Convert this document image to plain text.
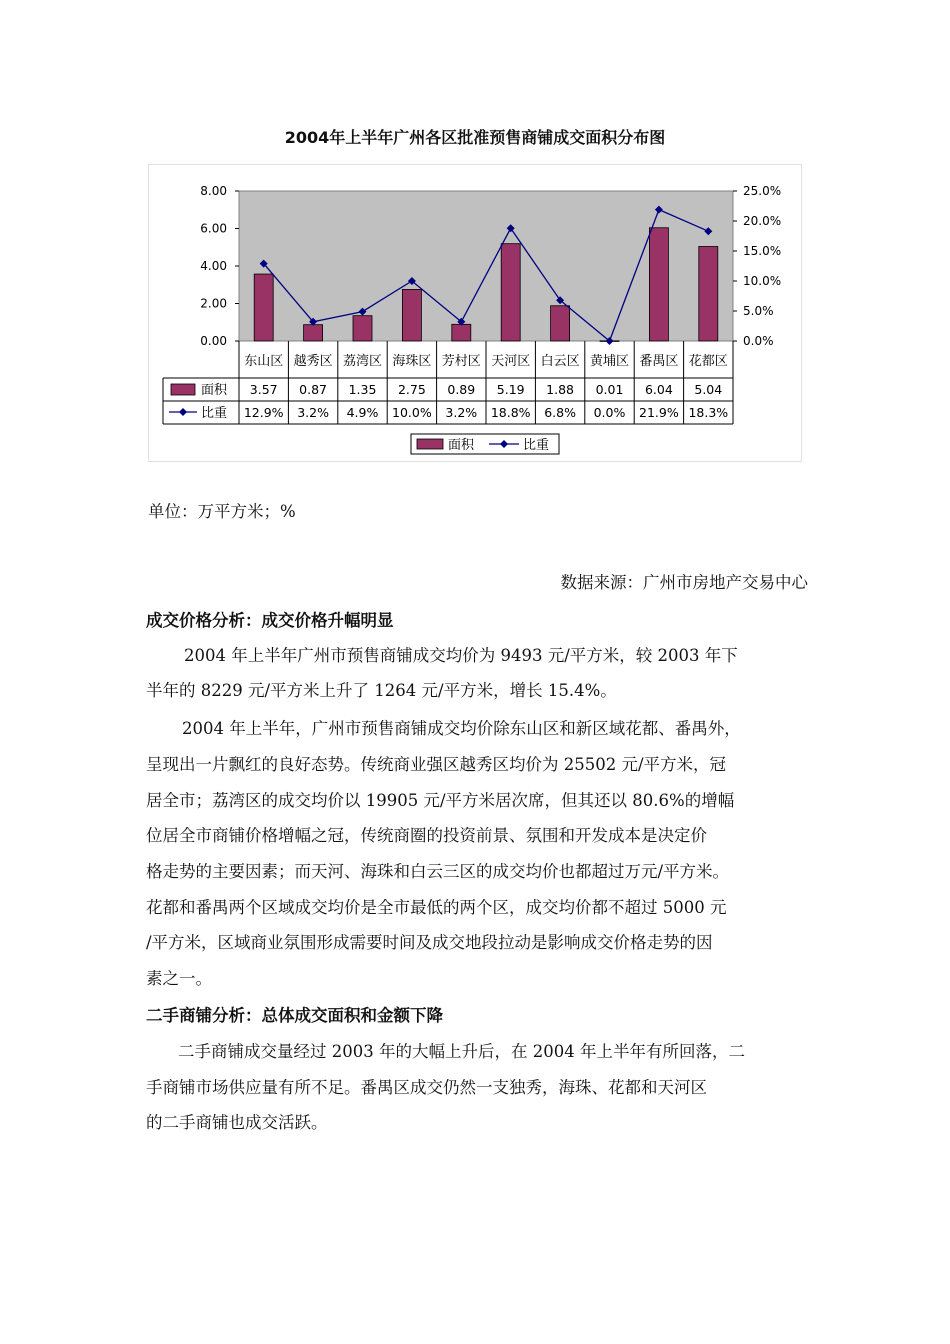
2004年上半年广州各区批准预售商铺成交面积分布图
0.00
2.00
4.00
6.00
8.00
0.0%
5.0%
10.0%
15.0%
20.0%
25.0%
东山区 越秀区 荔湾区 海珠区 芳村区 天河区 白云区 黄埔区 番禺区 花都区
3.57 0.87 1.35 2.75 0.89 5.19 1.88 0.01 6.04 5.04
12.9% 3.2% 4.9% 10.0% 3.2% 18.8% 6.8% 0.0% 21.9% 18.3%
面积
比重
面积	比重
单位：万平方米；%
数据来源：广州市房地产交易中心
成交价格分析：成交价格升幅明显
2004 年上半年广州市预售商铺成交均价为 9493 元/平方米，较 2003 年下
半年的 8229 元/平方米上升了 1264 元/平方米，增长 15.4%。
2004 年上半年，广州市预售商铺成交均价除东山区和新区域花都、番禺外，
呈现出一片飘红的良好态势。传统商业强区越秀区均价为 25502 元/平方米，冠
居全市；荔湾区的成交均价以 19905 元/平方米居次席，但其还以 80.6%的增幅
位居全市商铺价格增幅之冠，传统商圈的投资前景、氛围和开发成本是决定价
格走势的主要因素；而天河、海珠和白云三区的成交均价也都超过万元/平方米。
花都和番禺两个区域成交均价是全市最低的两个区，成交均价都不超过 5000 元
/平方米，区域商业氛围形成需要时间及成交地段拉动是影响成交价格走势的因
素之一。
二手商铺分析：总体成交面积和金额下降
二手商铺成交量经过 2003 年的大幅上升后，在 2004 年上半年有所回落，二
手商铺市场供应量有所不足。番禺区成交仍然一支独秀，海珠、花都和天河区
的二手商铺也成交活跃。
